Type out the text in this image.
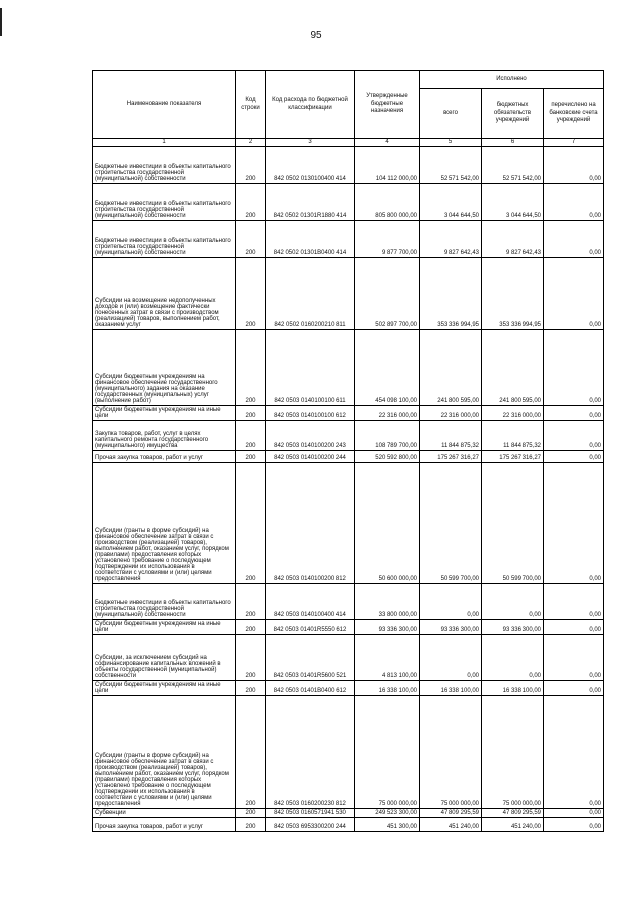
95
Наименование показателя	Код строки	Код расхода по бюджетной классификации	Утвержденные бюджетные назначения	Исполнено		
				всего	бюджетных обязательств учреждений	перечислено на банковские счета учреждений
1	2	3	4	5	6	7
Бюджетные инвестиции в объекты капитального строительства государственной (муниципальной) собственности	200	842 0502 0130100400 414	104 112 000,00	52 571 542,00	52 571 542,00	0,00
Бюджетные инвестиции в объекты капитального строительства государственной (муниципальной) собственности	200	842 0502 01301R1880 414	805 800 000,00	3 044 644,50	3 044 644,50	0,00
Бюджетные инвестиции в объекты капитального строительства государственной (муниципальной) собственности	200	842 0502 01301B0400 414	9 877 700,00	9 827 642,43	9 827 642,43	0,00
Субсидии на возмещение недополученных доходов и (или) возмещение фактически понесенных затрат в связи с производством (реализацией) товаров, выполнением работ, оказанием услуг	200	842 0502 0160200210 811	502 897 700,00	353 336 994,95	353 336 994,95	0,00
Субсидии бюджетным учреждениям на финансовое обеспечение государственного (муниципального) задания на оказание государственных (муниципальных) услуг (выполнение работ)	200	842 0503 0140100100 611	454 098 100,00	241 800 595,00	241 800 595,00	0,00
Субсидии бюджетным учреждениям на иные цели	200	842 0503 0140100100 612	22 316 000,00	22 316 000,00	22 316 000,00	0,00
Закупка товаров, работ, услуг в целях капитального ремонта государственного (муниципального) имущества	200	842 0503 0140100200 243	108 789 700,00	11 844 875,32	11 844 875,32	0,00
Прочая закупка товаров, работ и услуг	200	842 0503 0140100200 244	520 592 800,00	175 267 316,27	175 267 316,27	0,00
Субсидии (гранты в форме субсидий) на финансовое обеспечение затрат в связи с производством (реализацией) товаров), выполнением работ, оказанием услуг, порядком (правилами) предоставления которых установлено требование о последующем подтверждении их использования в соответствии с условиями и (или) целями предоставления	200	842 0503 0140100200 812	50 600 000,00	50 599 700,00	50 599 700,00	0,00
Бюджетные инвестиции в объекты капитального строительства государственной (муниципальной) собственности	200	842 0503 0140100400 414	33 800 000,00	0,00	0,00	0,00
Субсидии бюджетным учреждениям на иные цели	200	842 0503 01401R5550 612	93 336 300,00	93 336 300,00	93 336 300,00	0,00
Субсидии, за исключением субсидий на софинансирование капитальных вложений в объекты государственной (муниципальной) собственности	200	842 0503 01401R5600 521	4 813 100,00	0,00	0,00	0,00
Субсидии бюджетным учреждениям на иные цели	200	842 0503 01401B0400 612	16 338 100,00	16 338 100,00	16 338 100,00	0,00
Субсидии (гранты в форме субсидий) на финансовое обеспечение затрат в связи с производством (реализацией) товаров), выполнением работ, оказанием услуг, порядком (правилами) предоставления которых установлено требование о последующем подтверждении их использования в соответствии с условиями и (или) целями предоставления	200	842 0503 0160200230 812	75 000 000,00	75 000 000,00	75 000 000,00	0,00
Субвенции	200	842 0503 0160571941 530	249 523 300,00	47 809 295,59	47 809 295,59	0,00
Прочая закупка товаров, работ и услуг	200	842 0503 6953300200 244	451 300,00	451 240,00	451 240,00	0,00
